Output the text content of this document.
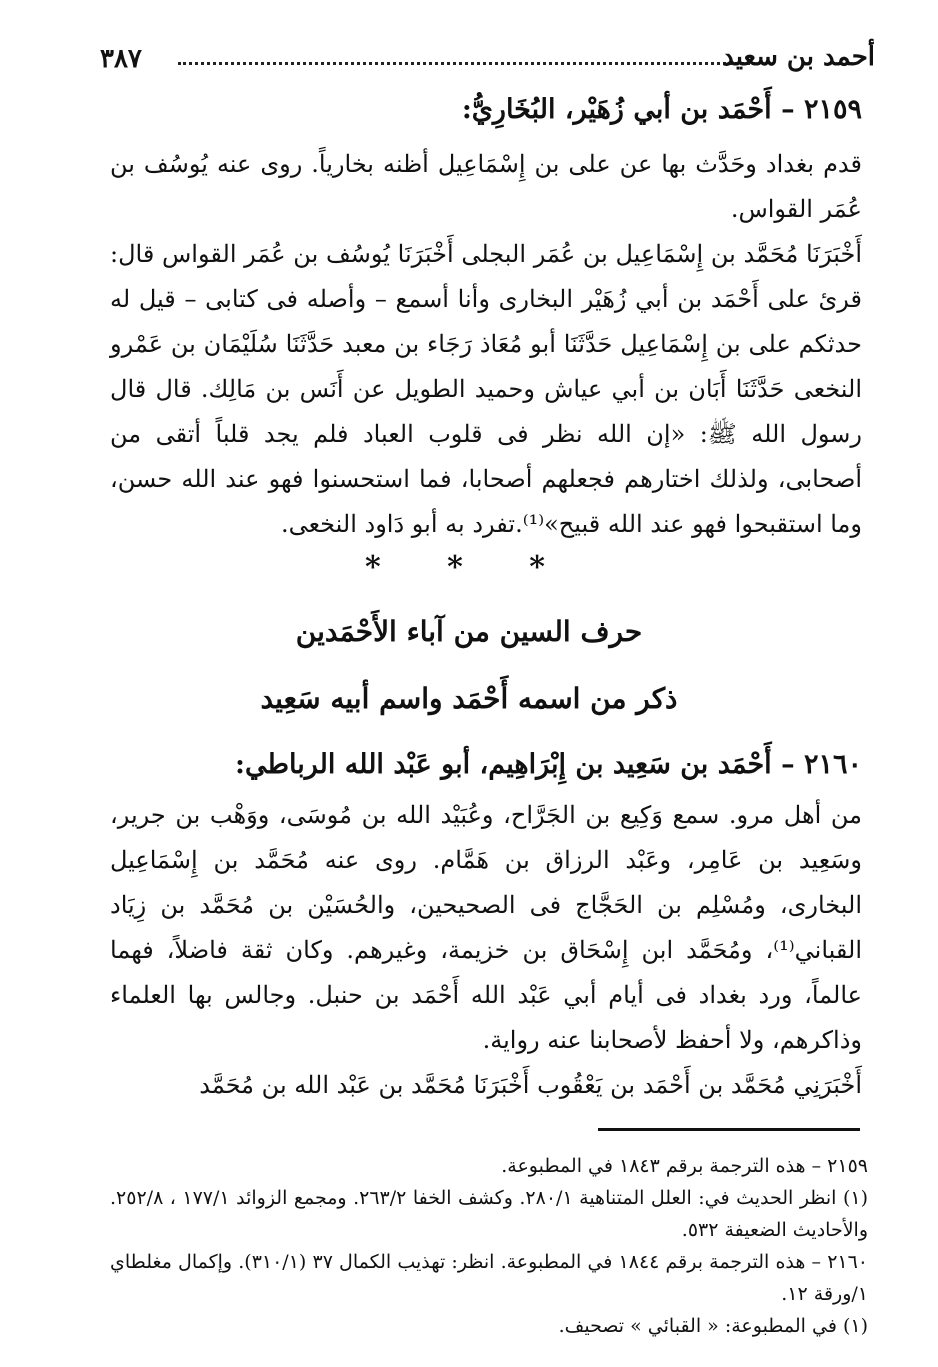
٣٨٧	أحمد بن سعيد
٢١٥٩ – أَحْمَد بن أبي زُهَيْر، البُخَارِيُّ:

قدم بغداد وحَدَّث بها عن على بن إِسْمَاعِيل أظنه بخارياً. روى عنه يُوسُف بن عُمَر القواس.

أَخْبَرَنَا مُحَمَّد بن إِسْمَاعِيل بن عُمَر البجلى أَخْبَرَنَا يُوسُف بن عُمَر القواس قال: قرئ على أَحْمَد بن أبي زُهَيْر البخارى وأنا أسمع – وأصله فى كتابى – قيل له حدثكم على بن إِسْمَاعِيل حَدَّثَنَا أبو مُعَاذ رَجَاء بن معبد حَدَّثَنَا سُلَيْمَان بن عَمْرو النخعى حَدَّثَنَا أَبَان بن أبي عياش وحميد الطويل عن أَنَس بن مَالِك. قال قال رسول الله ﷺ: «إن الله نظر فى قلوب العباد فلم يجد قلباً أتقى من أصحابى، ولذلك اختارهم فجعلهم أصحابا، فما استحسنوا فهو عند الله حسن، وما استقبحوا فهو عند الله قبيح»⁽¹⁾.تفرد به أبو دَاود النخعى.

* * *
حرف السين من آباء الأَحْمَدين
ذكر من اسمه أَحْمَد واسم أبيه سَعِيد
٢١٦٠ – أَحْمَد بن سَعِيد بن إِبْرَاهِيم، أبو عَبْد الله الرباطي:

من أهل مرو. سمع وَكِيع بن الجَرَّاح، وعُبَيْد الله بن مُوسَى، ووَهْب بن جرير، وسَعِيد بن عَامِر، وعَبْد الرزاق بن هَمَّام. روى عنه مُحَمَّد بن إِسْمَاعِيل البخارى، ومُسْلِم بن الحَجَّاج فى الصحيحين، والحُسَيْن بن مُحَمَّد بن زِيَاد القباني⁽¹⁾، ومُحَمَّد ابن إِسْحَاق بن خزيمة، وغيرهم. وكان ثقة فاضلاً، فهما عالماً، ورد بغداد فى أيام أبي عَبْد الله أَحْمَد بن حنبل. وجالس بها العلماء وذاكرهم، ولا أحفظ لأصحابنا عنه رواية.

أَخْبَرَنِي مُحَمَّد بن أَحْمَد بن يَعْقُوب أَخْبَرَنَا مُحَمَّد بن عَبْد الله بن مُحَمَّد

٢١٥٩ – هذه الترجمة برقم ١٨٤٣ في المطبوعة.

(١) انظر الحديث في: العلل المتناهية ٢٨٠/١. وكشف الخفا ٢٦٣/٢. ومجمع الزوائد ١٧٧/١ ، ٢٥٢/٨. والأحاديث الضعيفة ٥٣٢.

٢١٦٠ – هذه الترجمة برقم ١٨٤٤ في المطبوعة. انظر: تهذيب الكمال ٣٧ (٣١٠/١). وإكمال مغلطاي ١/ورقة ١٢.

(١) في المطبوعة: « القبائي » تصحيف.
